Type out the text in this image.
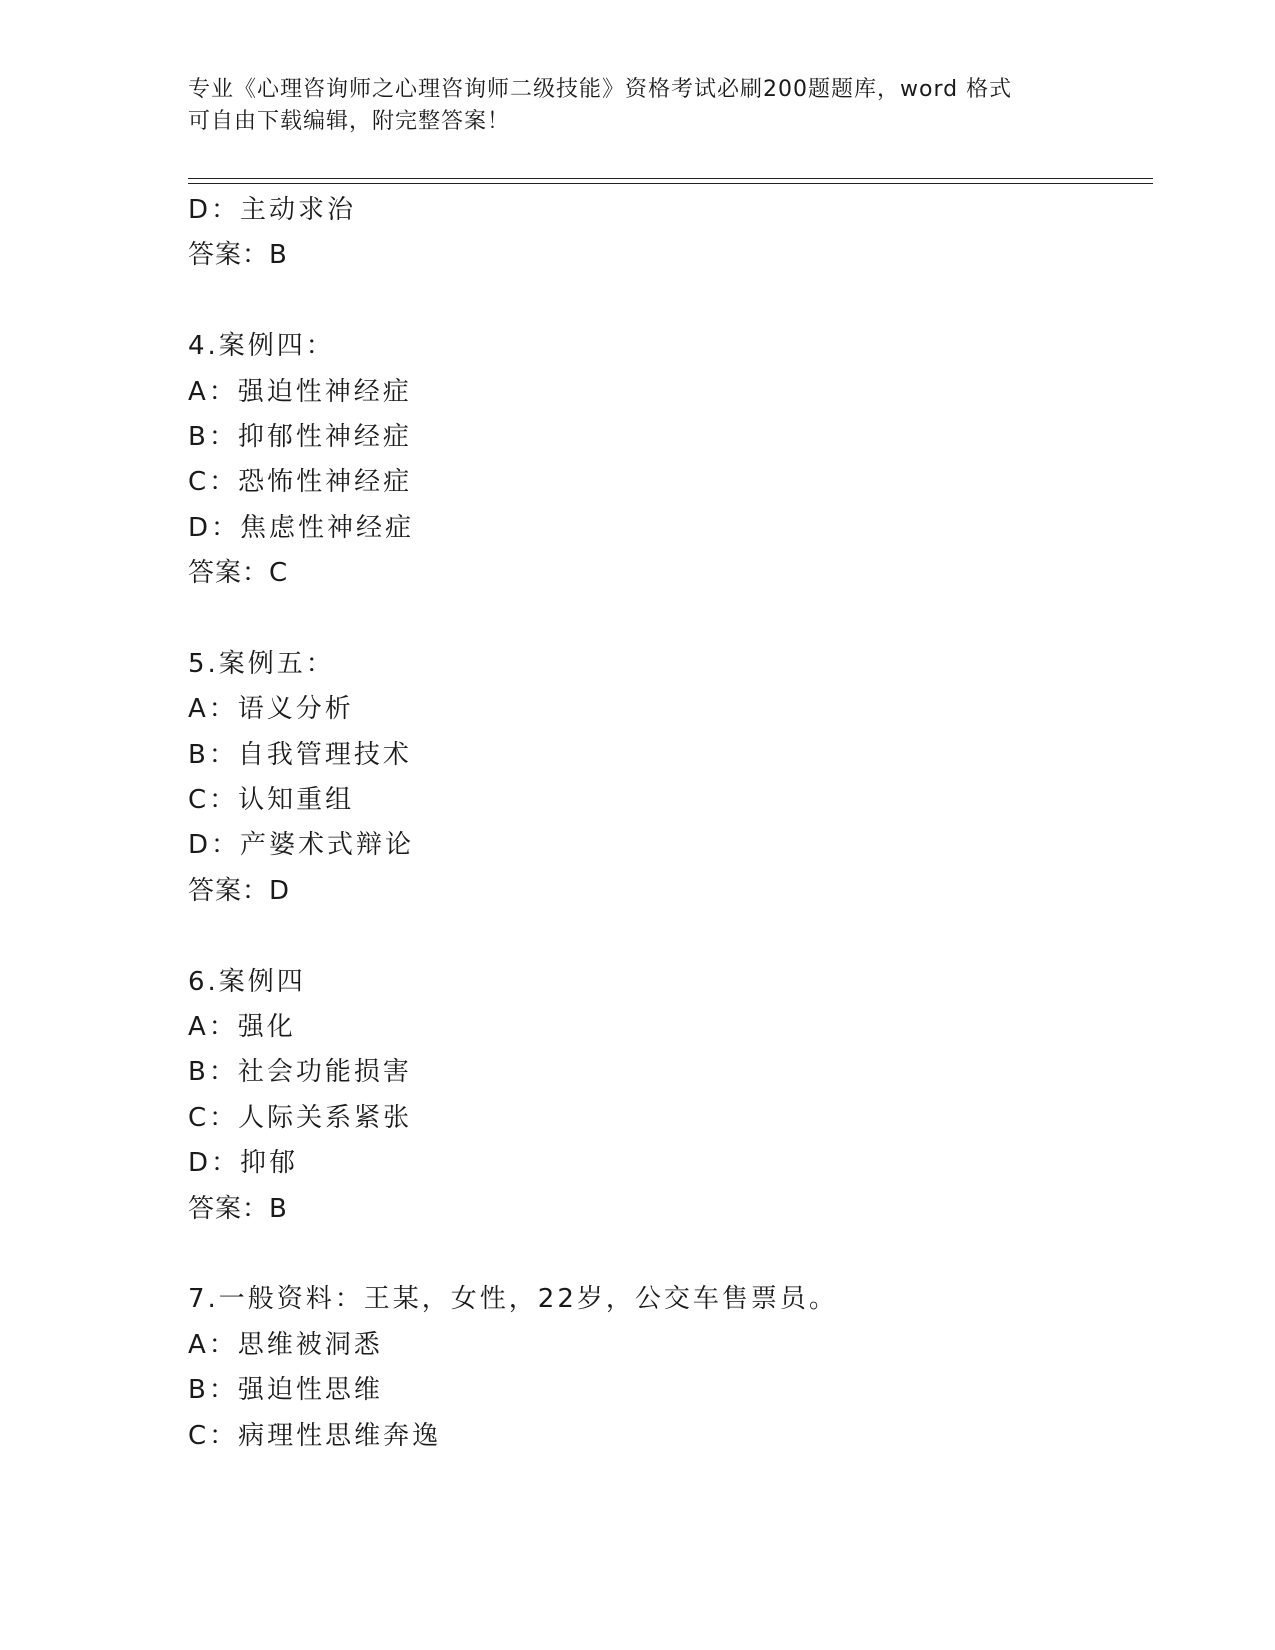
专业《心理咨询师之心理咨询师二级技能》资格考试必刷200题题库，word 格式
可自由下载编辑，附完整答案！
D：主动求治
答案：B
4.案例四：
A：强迫性神经症
B：抑郁性神经症
C：恐怖性神经症
D：焦虑性神经症
答案：C
5.案例五：
A：语义分析
B：自我管理技术
C：认知重组
D：产婆术式辩论
答案：D
6.案例四
A：强化
B：社会功能损害
C：人际关系紧张
D：抑郁
答案：B
7.一般资料：王某，女性，22岁，公交车售票员。
A：思维被洞悉
B：强迫性思维
C：病理性思维奔逸
